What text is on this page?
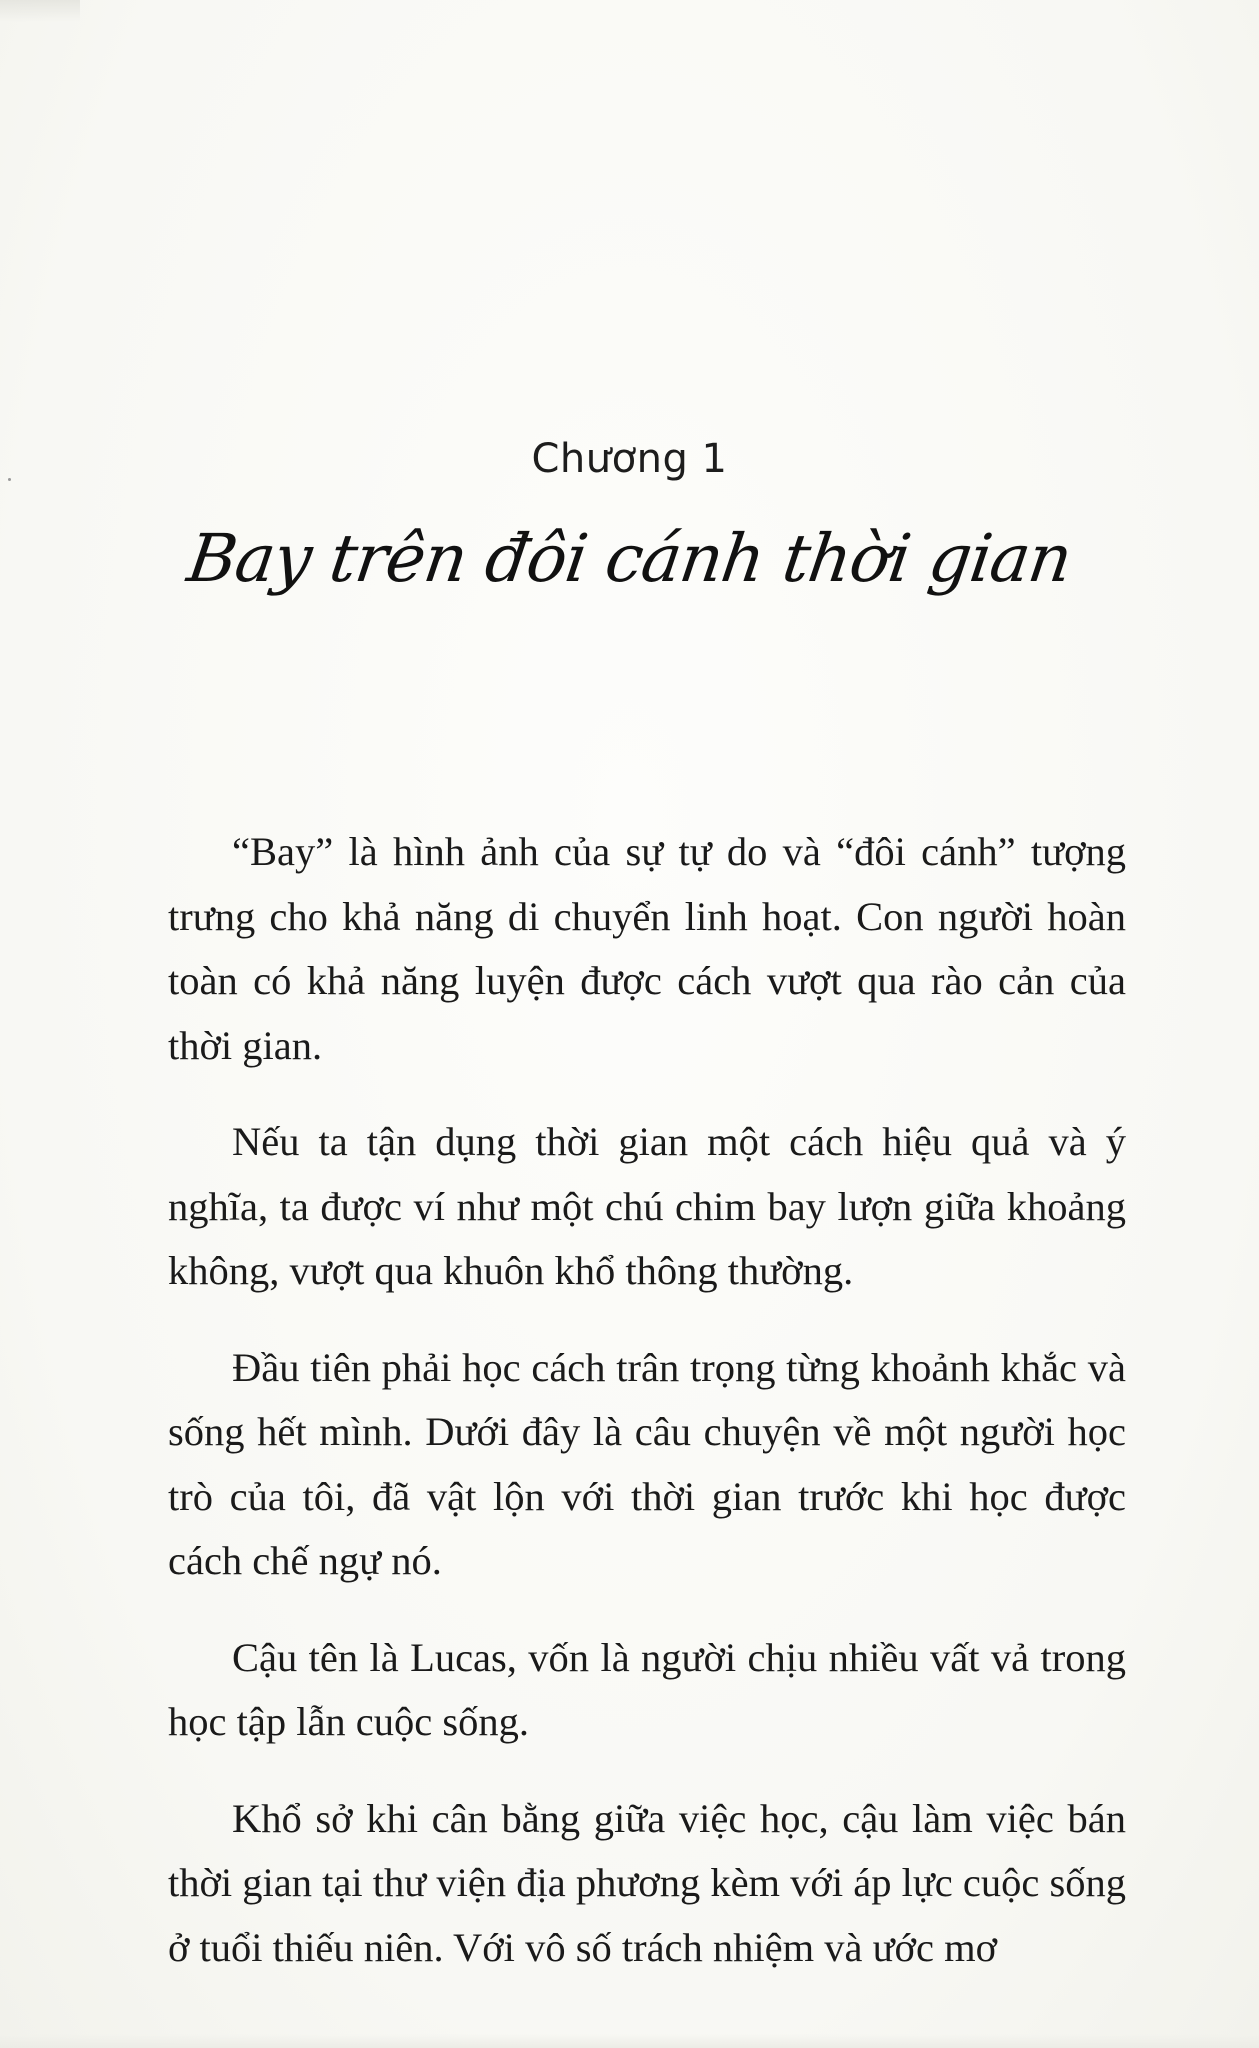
Chương 1
Bay trên đôi cánh thời gian

“Bay” là hình ảnh của sự tự do và “đôi cánh” tượng trưng cho khả năng di chuyển linh hoạt. Con người hoàn toàn có khả năng luyện được cách vượt qua rào cản của thời gian.

Nếu ta tận dụng thời gian một cách hiệu quả và ý nghĩa, ta được ví như một chú chim bay lượn giữa khoảng không, vượt qua khuôn khổ thông thường.

Đầu tiên phải học cách trân trọng từng khoảnh khắc và sống hết mình. Dưới đây là câu chuyện về một người học trò của tôi, đã vật lộn với thời gian trước khi học được cách chế ngự nó.

Cậu tên là Lucas, vốn là người chịu nhiều vất vả trong học tập lẫn cuộc sống.

Khổ sở khi cân bằng giữa việc học, cậu làm việc bán thời gian tại thư viện địa phương kèm với áp lực cuộc sống ở tuổi thiếu niên. Với vô số trách nhiệm và ước mơ
